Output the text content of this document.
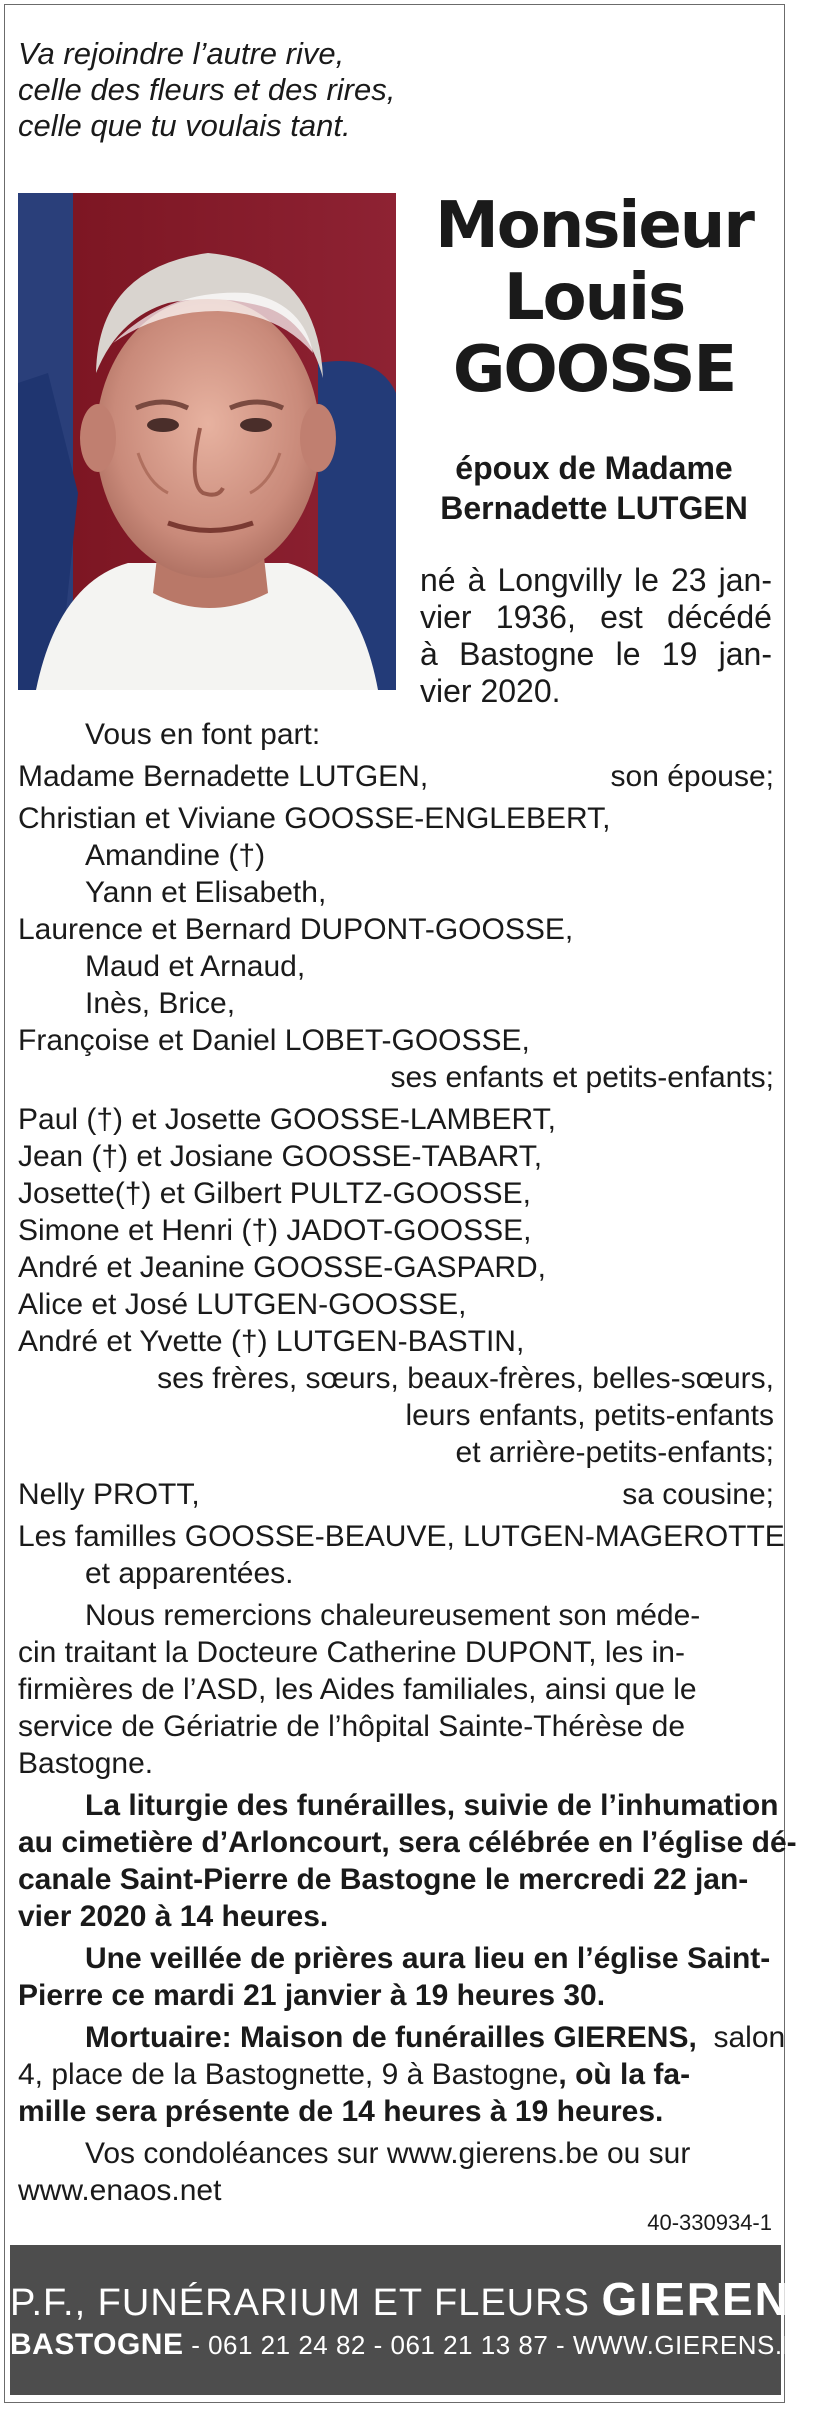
Va rejoindre l’autre rive,
celle des fleurs et des rires,
celle que tu voulais tant.
Monsieur
Louis
GOOSSE
époux de Madame
Bernadette LUTGEN
né à Longvilly le 23 jan-
vier 1936, est décédé
à Bastogne le 19 jan-
vier 2020.
Vous en font part:
Madame Bernadette LUTGEN,	son épouse;
Christian et Viviane GOOSSE-ENGLEBERT,
Amandine (†)
Yann et Elisabeth,
Laurence et Bernard DUPONT-GOOSSE,
Maud et Arnaud,
Inès, Brice,
Françoise et Daniel LOBET-GOOSSE,
ses enfants et petits-enfants;
Paul (†) et Josette GOOSSE-LAMBERT,
Jean (†) et Josiane GOOSSE-TABART,
Josette(†) et Gilbert PULTZ-GOOSSE,
Simone et Henri (†) JADOT-GOOSSE,
André et Jeanine GOOSSE-GASPARD,
Alice et José LUTGEN-GOOSSE,
André et Yvette (†) LUTGEN-BASTIN,
ses frères, sœurs, beaux-frères, belles-sœurs,
leurs enfants, petits-enfants
et arrière-petits-enfants;
Nelly PROTT,	sa cousine;
Les familles GOOSSE-BEAUVE, LUTGEN-MAGEROTTE
et apparentées.
Nous remercions chaleureusement son méde-
cin traitant la Docteure Catherine DUPONT, les in-
firmières de l’ASD, les Aides familiales, ainsi que le
service de Gériatrie de l’hôpital Sainte-Thérèse de
Bastogne.
La liturgie des funérailles, suivie de l’inhumation
au cimetière d’Arloncourt, sera célébrée en l’église dé-
canale Saint-Pierre de Bastogne le mercredi 22 jan-
vier 2020 à 14 heures.
Une veillée de prières aura lieu en l’église Saint-
Pierre ce mardi 21 janvier à 19 heures 30.
Mortuaire: Maison de funérailles GIERENS, salon
4, place de la Bastognette, 9 à Bastogne, où la fa-
mille sera présente de 14 heures à 19 heures.
Vos condoléances sur www.gierens.be ou sur
www.enaos.net
40-330934-1
P.F., FUNÉRARIUM ET FLEURS GIERENS
BASTOGNE - 061 21 24 82 - 061 21 13 87 - WWW.GIERENS.BE
